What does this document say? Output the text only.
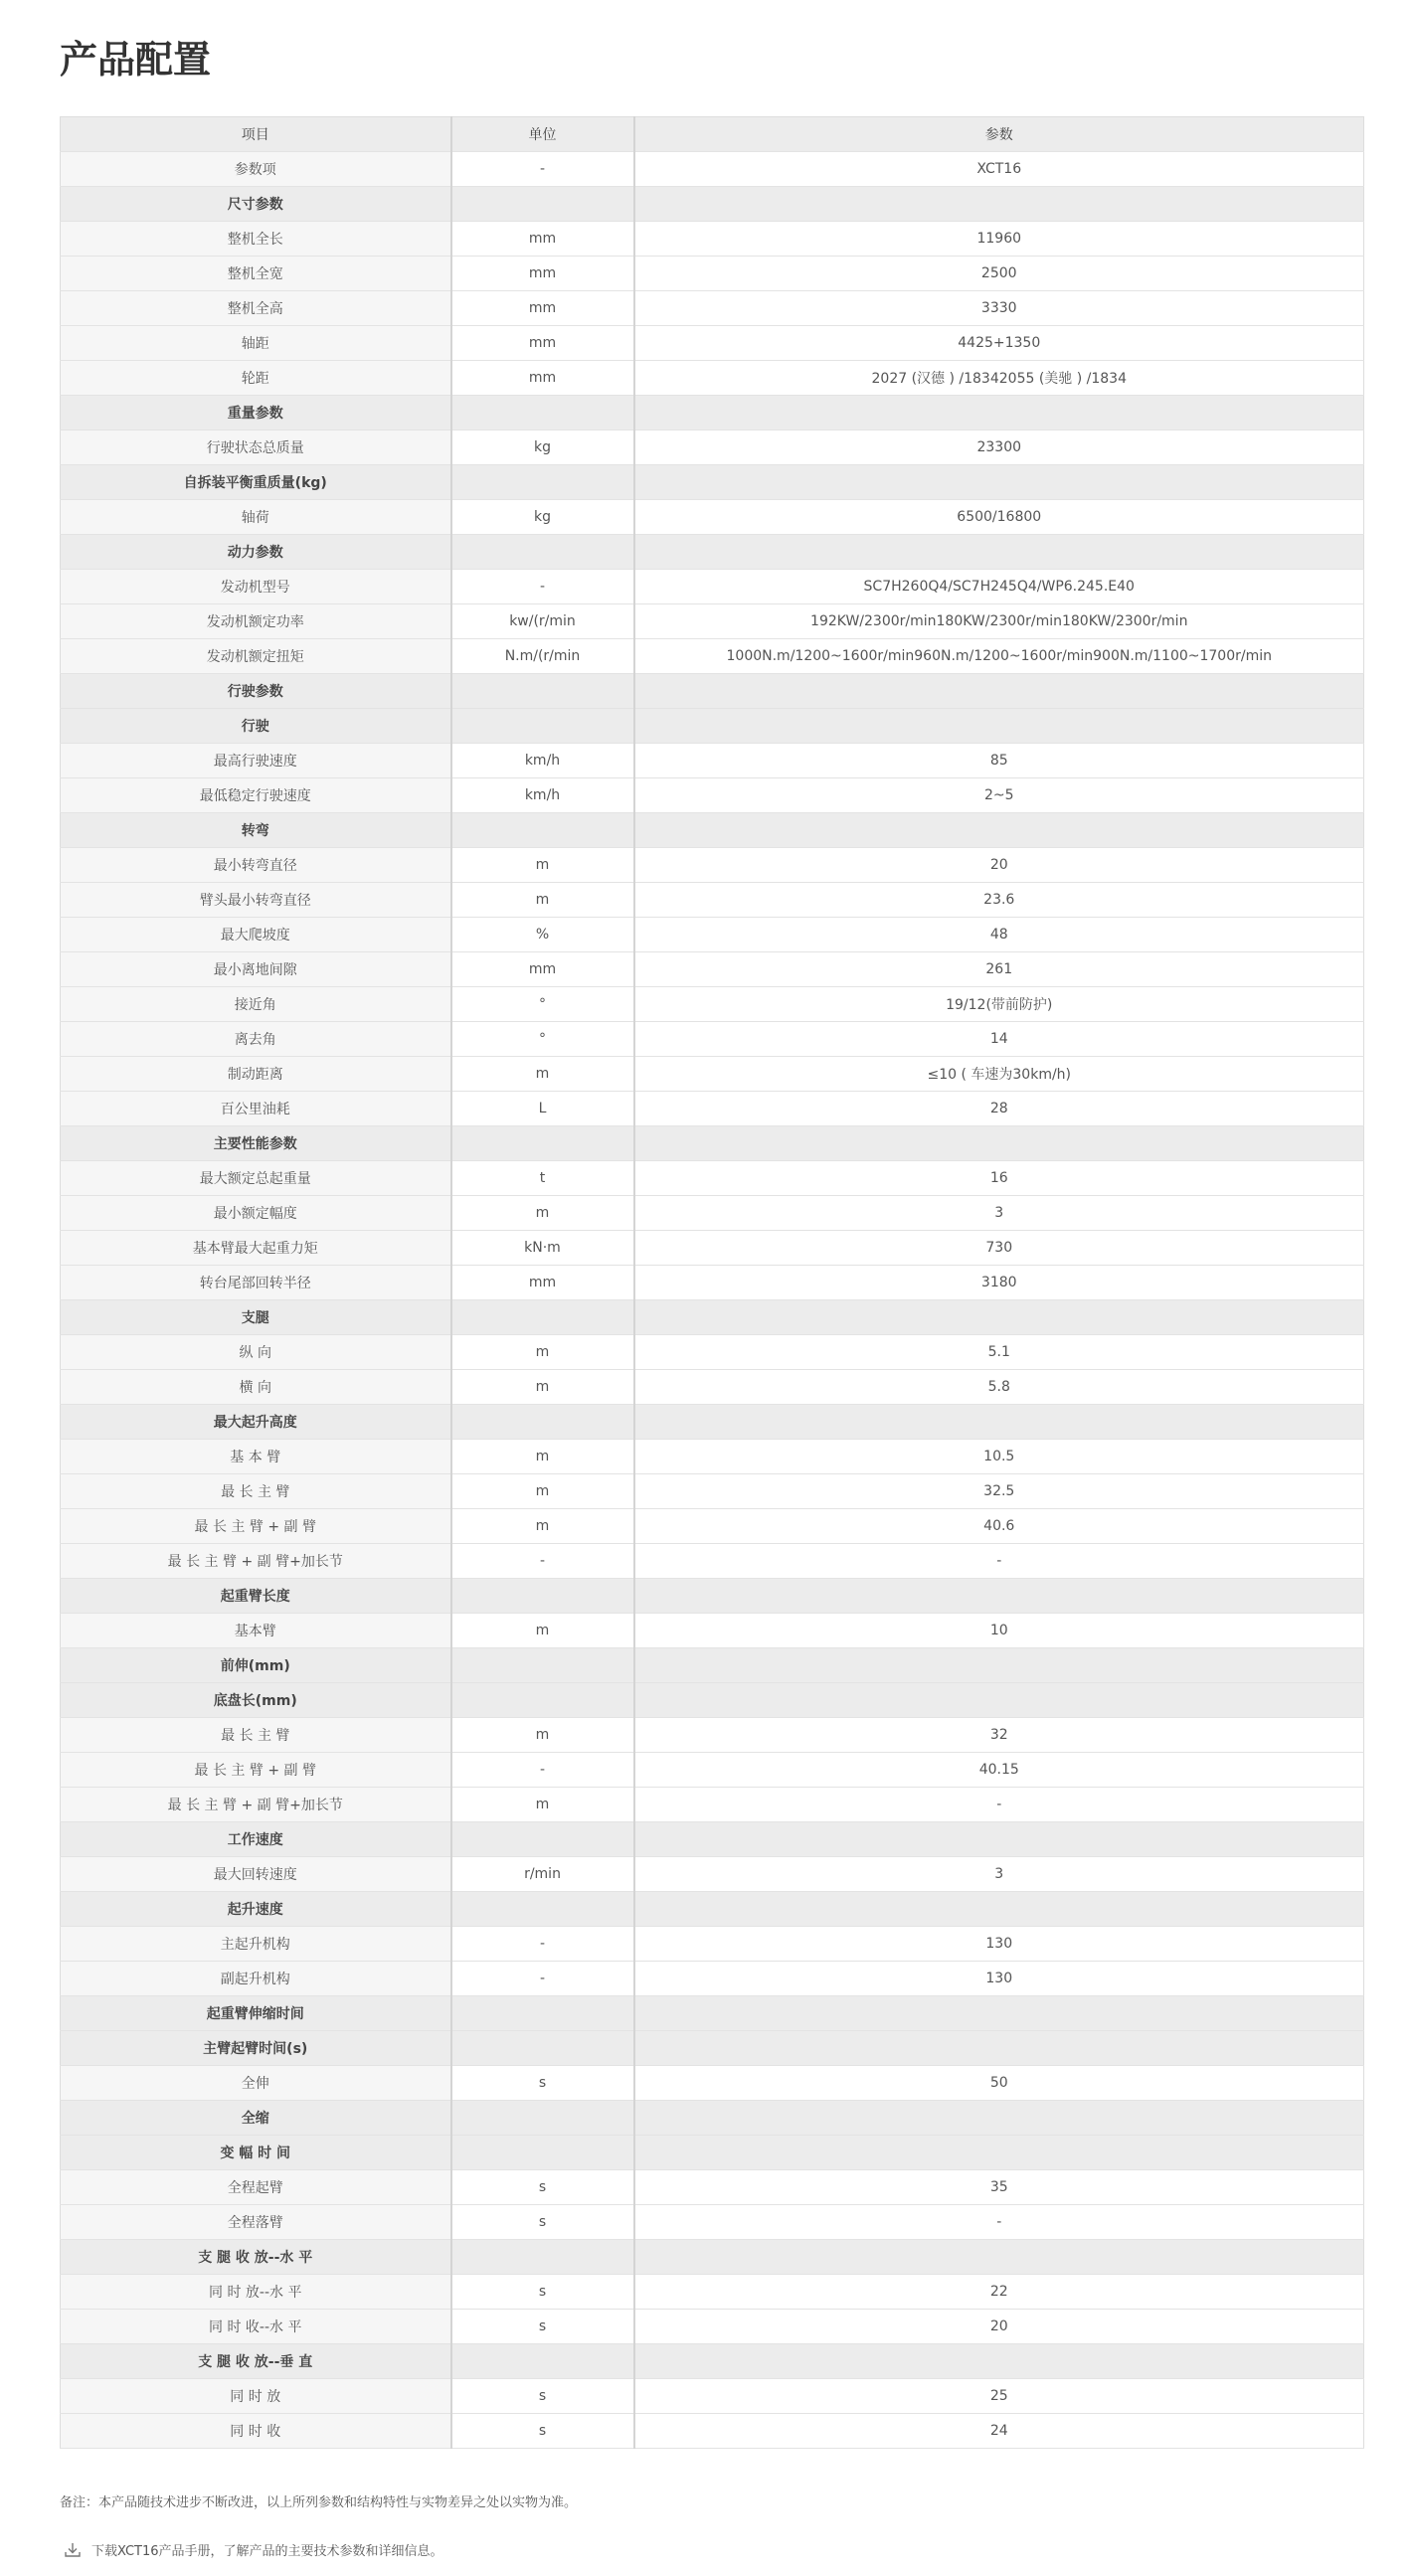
产品配置
项目	单位	参数
参数项	-	XCT16
尺寸参数		
整机全长	mm	11960
整机全宽	mm	2500
整机全高	mm	3330
轴距	mm	4425+1350
轮距	mm	2027 (汉德 ) /18342055 (美驰 ) /1834
重量参数		
行驶状态总质量	kg	23300
自拆装平衡重质量(kg)		
轴荷	kg	6500/16800
动力参数		
发动机型号	-	SC7H260Q4/SC7H245Q4/WP6.245.E40
发动机额定功率	kw/(r/min	192KW/2300r/min180KW/2300r/min180KW/2300r/min
发动机额定扭矩	N.m/(r/min	1000N.m/1200~1600r/min960N.m/1200~1600r/min900N.m/1100~1700r/min
行驶参数		
行驶		
最高行驶速度	km/h	85
最低稳定行驶速度	km/h	2~5
转弯		
最小转弯直径	m	20
臂头最小转弯直径	m	23.6
最大爬坡度	%	48
最小离地间隙	mm	261
接近角	°	19/12(带前防护)
离去角	°	14
制动距离	m	≤10 ( 车速为30km/h)
百公里油耗	L	28
主要性能参数		
最大额定总起重量	t	16
最小额定幅度	m	3
基本臂最大起重力矩	kN·m	730
转台尾部回转半径	mm	3180
支腿		
纵 向	m	5.1
横 向	m	5.8
最大起升高度		
基 本 臂	m	10.5
最 长 主 臂	m	32.5
最 长 主 臂 + 副 臂	m	40.6
最 长 主 臂 + 副 臂+加长节	-	-
起重臂长度		
基本臂	m	10
前伸(mm)		
底盘长(mm)		
最 长 主 臂	m	32
最 长 主 臂 + 副 臂	-	40.15
最 长 主 臂 + 副 臂+加长节	m	-
工作速度		
最大回转速度	r/min	3
起升速度		
主起升机构	-	130
副起升机构	-	130
起重臂伸缩时间		
主臂起臂时间(s)		
全伸	s	50
全缩		
变 幅 时 间		
全程起臂	s	35
全程落臂	s	-
支 腿 收 放--水 平		
同 时 放--水 平	s	22
同 时 收--水 平	s	20
支 腿 收 放--垂 直		
同 时 放	s	25
同 时 收	s	24

备注：本产品随技术进步不断改进，以上所列参数和结构特性与实物差异之处以实物为准。

下载XCT16产品手册，了解产品的主要技术参数和详细信息。
